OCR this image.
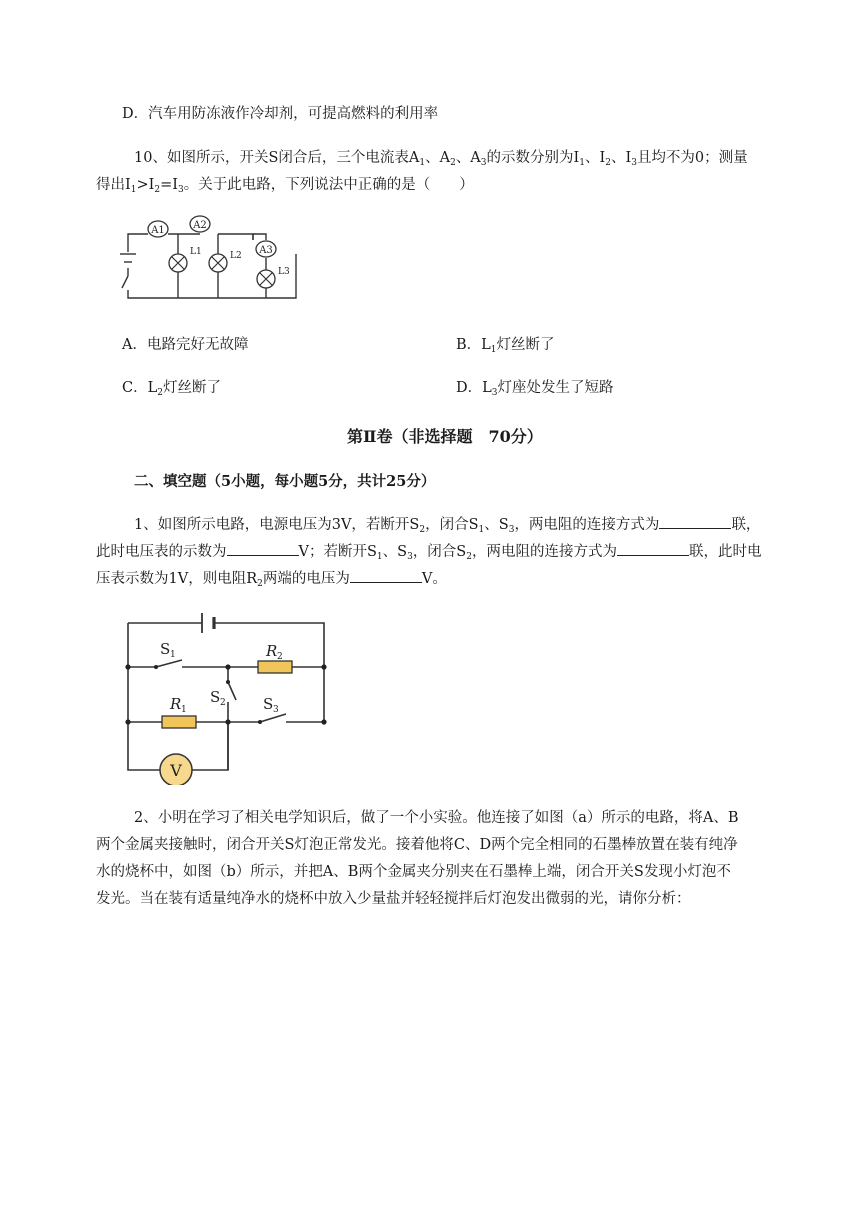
D．汽车用防冻液作冷却剂，可提高燃料的利用率
10、如图所示，开关S闭合后，三个电流表$A_1$、$A_2$、$A_3$的示数分别为$I_1$、$I_2$、$I_3$且均不为0；测量
得出$I_1>I_2=I_3$。关于此电路，下列说法中正确的是（　　）
A1	A2
A3
L1	L2
L3
A．电路完好无故障	B．$L_1$灯丝断了
C．$L_2$灯丝断了	D．$L_3$灯座处发生了短路
第Ⅱ卷（非选择题　70分）
二、填空题（5小题，每小题5分，共计25分）
1、如图所示电路，电源电压为3V，若断开$S_2$，闭合$S_1$、$S_3$，两电阻的连接方式为	联，
此时电压表的示数为	V；若断开$S_1$、$S_3$，闭合$S_2$，两电阻的连接方式为	联，此时电
压表示数为1V，则电阻$R_2$两端的电压为	V。
R 2
R 1
S 1
S 2 S 3
V
2、小明在学习了相关电学知识后，做了一个小实验。他连接了如图（a）所示的电路，将A、B
两个金属夹接触时，闭合开关S灯泡正常发光。接着他将C、D两个完全相同的石墨棒放置在装有纯净
水的烧杯中，如图（b）所示，并把A、B两个金属夹分别夹在石墨棒上端，闭合开关S发现小灯泡不
发光。当在装有适量纯净水的烧杯中放入少量盐并轻轻搅拌后灯泡发出微弱的光，请你分析：
